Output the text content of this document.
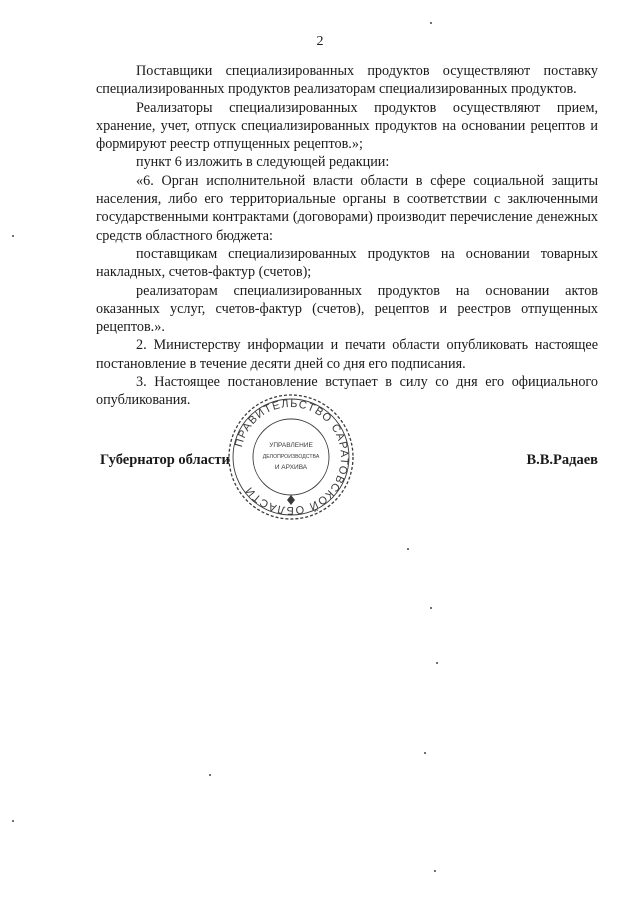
2

Поставщики специализированных продуктов осуществляют поставку специализированных продуктов реализаторам специализированных продуктов.

Реализаторы специализированных продуктов осуществляют прием, хранение, учет, отпуск специализированных продуктов на основании рецептов и формируют реестр отпущенных рецептов.»;

пункт 6 изложить в следующей редакции:

«6. Орган исполнительной власти области в сфере социальной защиты населения, либо его территориальные органы в соответствии с заключенными государственными контрактами (договорами) производит перечисление денежных средств областного бюджета:

поставщикам специализированных продуктов на основании товарных накладных, счетов-фактур (счетов);

реализаторам специализированных продуктов на основании актов оказанных услуг, счетов-фактур (счетов), рецептов и реестров отпущенных рецептов.».

2. Министерству информации и печати области опубликовать настоящее постановление в течение десяти дней со дня его подписания.

3. Настоящее постановление вступает в силу со дня его официального опубликования.

Губернатор области	В.В.Радаев
ПРАВИТЕЛЬСТВО САРАТОВСКОЙ ОБЛАСТИ
УПРАВЛЕНИЕ
ДЕЛОПРОИЗВОДСТВА
И АРХИВА
